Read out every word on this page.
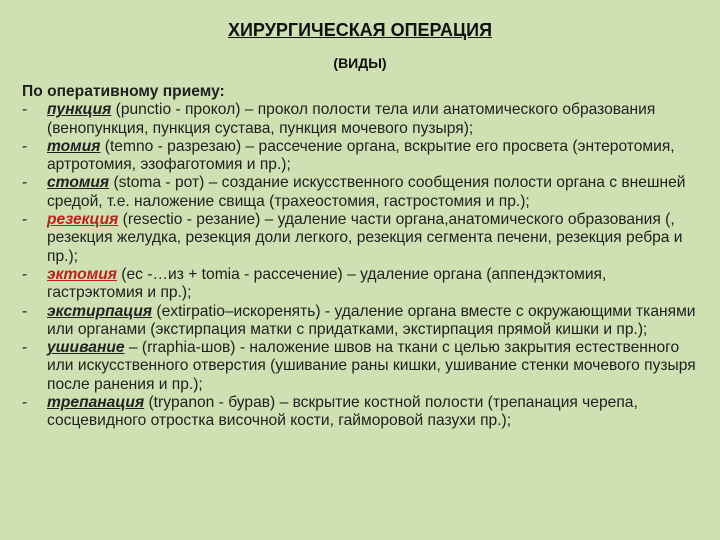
ХИРУРГИЧЕСКАЯ ОПЕРАЦИЯ
(ВИДЫ)

По оперативному приему:

- пункция (punctio - прокол) – прокол полости тела или анатомического образования (венопункция, пункция сустава, пункция мочевого пузыря);
- томия (temno - разрезаю) – рассечение органа, вскрытие его просвета (энтеротомия, артротомия, эзофаготомия и пр.);
- стомия (stoma - рот) – создание искусственного сообщения полости органа с внешней средой, т.е. наложение свища (трахеостомия, гастростомия и пр.);
- резекция (resectio - резание) – удаление части органа,анатомического образования (, резекция желудка, резекция доли легкого, резекция сегмента печени, резекция ребра и пр.);
- эктомия (ec -…из + tomia - рассечение) – удаление органа (аппендэктомия, гастрэктомия и пр.);
- экстирпация (extirpatio–искоренять) - удаление органа вместе с окружающими тканями или органами (экстирпация матки с придатками, экстирпация прямой кишки и пр.);
- ушивание – (rraphia-шов) - наложение швов на ткани с целью закрытия естественного или искусственного отверстия (ушивание раны кишки, ушивание стенки мочевого пузыря после ранения и пр.);
- трепанация (trypanon - бурав) – вскрытие костной полости (трепанация черепа, сосцевидного отростка височной кости, гайморовой пазухи пр.);
